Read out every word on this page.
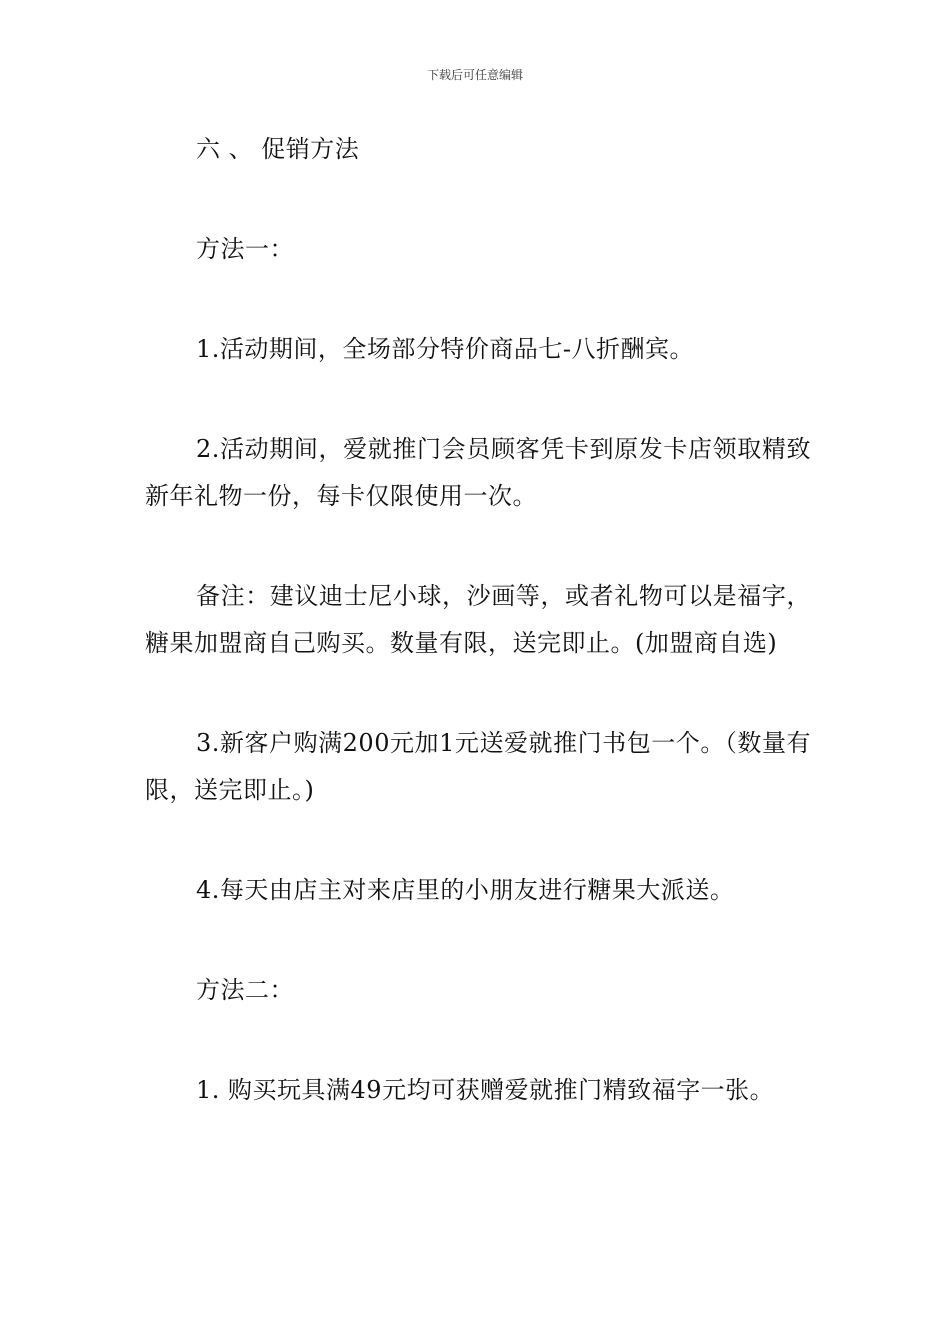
下载后可任意编辑

六 、 促销方法

方法一：

1.活动期间，全场部分特价商品七-八折酬宾。

2.活动期间，爱就推门会员顾客凭卡到原发卡店领取精致新年礼物一份，每卡仅限使用一次。

备注：建议迪士尼小球，沙画等，或者礼物可以是福字，糖果加盟商自己购买。数量有限，送完即止。(加盟商自选)

3.新客户购满200元加1元送爱就推门书包一个。（数量有限，送完即止。)

4.每天由店主对来店里的小朋友进行糖果大派送。

方法二：

1. 购买玩具满49元均可获赠爱就推门精致福字一张。
